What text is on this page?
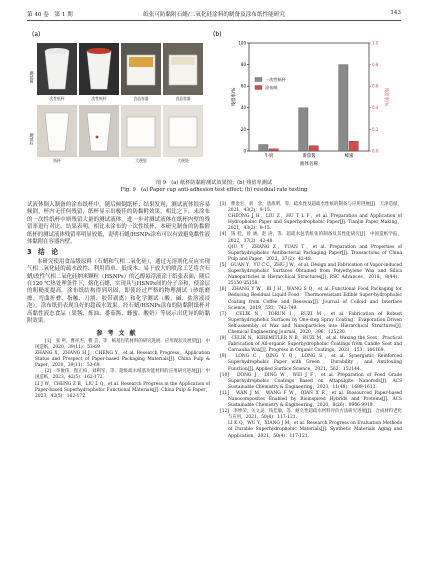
第 40 卷　第 1 期	纸张可防黏附石蜡/二氧化硅涂料的制备及涂布纸性能研究	143
(a)
次性纸杯	次性纸杯	食品容器	食品容器
纸杯	大便袋	大便袋
测试前
测试后
(b)
0
20
40
60
80
100
0.0
0.2
0.4
0.6
0.8
1.0
残留率/%	残留率/%
液体名称
牛奶	番茄酱	蜂蜜
一次性纸杯
涂布纸
图 9　(a) 纸杯防黏附测试效果图；(b) 残留率测试
Fig. 9　(a) Paper cup anti-adhesion test effect; (b) residual rate testing

试液体倒入制备的涂布纸杯中，随后倾倒纸杯；结果发现，测试液体很容易倾倒，杯内无任何残留，纸杯显示出极佳的防黏附效果。相比之下，未涂布的一次性纸杯中则残留大量的测试液体。进一步对测试液体在纸杯内壁的残留率进行对比，结果表明，相比未涂布的一次性纸杯，本研究制备的防黏附纸杯的测试液体残留率明显较低，说明石蜡/HSNPs涂布可以有效避免黏性液体黏附在容器内壁。

3　结　论

本研究使用食品级原料（石蜡和气相二氧化硅），通过无溶剂化反应实现气相二氧化硅的疏水改性，利用简单、低成本、易于放大的喷涂工艺将含石蜡/改性气相二氧化硅纳米颗粒（HSNPs）的乙醇悬浮液涂于纸张表面，随后在120 ℃热处理条件下，熔化石蜡，实现具与HSNPs间的分子亲和，使涂层的粗糙度提高。涂布纸结构得到巩固，即使经过严格的物理测试（砂纸磨擦、弯曲折叠、指触、刀割、胶带剥离）和化学测试（酸、碱、盐溶液浸泡），涂布纸仍表现良好的超疏水效果。经石蜡/HSNPs涂布的防黏附纸杯对高黏性液态食品（果酱、炼油、番茄酱、蜂蜜、酸奶）等展示出优异的防黏附效果。

参考文献

[1]　张 所，曹祥杰，曹 芸，等．纸基包装材料的研究进展．应用现状及展望[J]．中国造纸，2020，39(11)：53-69．

ZHANG X，ZHANG H J，CHENG Y，et al. Research Progress，Application Status and Prospect of Paper-based Packaging Materials[J]. China Pulp & Paper，2020，39(11)：53-69.

[2]　李俊伟，程正柏，刘利军，等．超级疏水纸基功能材料的应用研究进展[J]．中国造纸，2023，42(5)：162-172.

LI J W，CHENG Z B，LIU L Q，et al. Research Progress in the Application of Paper-based Superhydrophobic Functional Materials[J]. China Pulp & Paper，2023，42(5)：162-172.

[3]　曹金宏，刘　念，唐战明，等．疏水性及超疏水性纸的制备与应用进展[J]．天津造纸，2021，43(2)：9-15.

CHEONG J H，LIU Z，HU T L F，et al. Preparation and Application of Hydrophobic Paper and Superhydrophobic Paper[J]. Tianjin Paper Making，2021，43(2)：9-15.

[4]　钱 桂，曾 涵，赵 涛，等．超疏水包装纸张的制备及其性能研究[J]．中国造纸学报，2022，37(2)：42-48.

QIU Y，ZHANG Z，YUAN T，et al. Preparation and Properties of Superhydrophobic Antibacterial Packaging Paper[J]. Transactions of China Pulp and Paper，2022，37(2)：42-48.

[5]　GUAN Y，YU C C，ZHU J W，et al. Design and Fabrication of Vapor-induced Superhydrophobic Surfaces Obtained from Polyethylene Wax and Silica Nanoparticles in Hierarchical Structures[J]. RSC Advances，2018，8(44)：25150-25158.

[6]　ZHANG Y W，BI J H，WANG S Q，et al. Functional Food Packaging for Reducing Residual Liquid Food：Thermoresistant Edible Super-hydrophobic Coating from Coffee and Beeswax[J]. Journal of Colloid and Interface Science，2019，533：742-749.

[7]　CELIK N，TORUN I，RUZI M，et al. Fabrication of Robust Superhydrophobic Surfaces by One-step Spray Coating：Evaporation Driven Self-assembly of Wax and Nanoparticles into Hierarchical Structures[J]. Chemical Engineering Journal，2020，396：125230.

[8]　CELIK N，KIREMITLER N B，RUZI M，et al. Waxing the Soot：Practical Fabrication of All-organic Superhydrophobic Coatings from Candle Soot and Carnauba Wax[J]. Progress in Organic Coatings，2021，153：106169.

[9]　LONG C，QING Y Q，LONG S，et al. Synergistic Reinforced Superhydrophobic Paper with Green，Durability，and Antifouling Function[J]. Applied Surface Science，2021，562：152144.

[10]　DONG J，DING W，WEI J F，et al. Preparation of Food Grade Superhydrophobic Coatings Based on Attapulgite Nanorods[J]. ACS Sustainable Chemistry & Engineering，2023，11(48)：1689-1613.

[11]　WAN J M，WANG F W，QIAN X R，et al. Biosourced Paper-based Nanocomposites Enabled by Bioinspired Hybrids and Proteins[J]. ACS Sustainable Chemistry & Engineering，2020，8(26)：9906-9919.

[12]　李坤荣，关文灵，钱佳敏，等．耐久性超疏水材料评价方法研究进展[J]．合成材料老化与应用，2021，50(4)：117-121.

LI K Q，WU Y，XIANG J M，et al. Research Progress on Evaluation Methods of Durable Superhydrophobic Materials[J]. Synthetic Materials Aging and Application，2021，50(4)：117-121.
